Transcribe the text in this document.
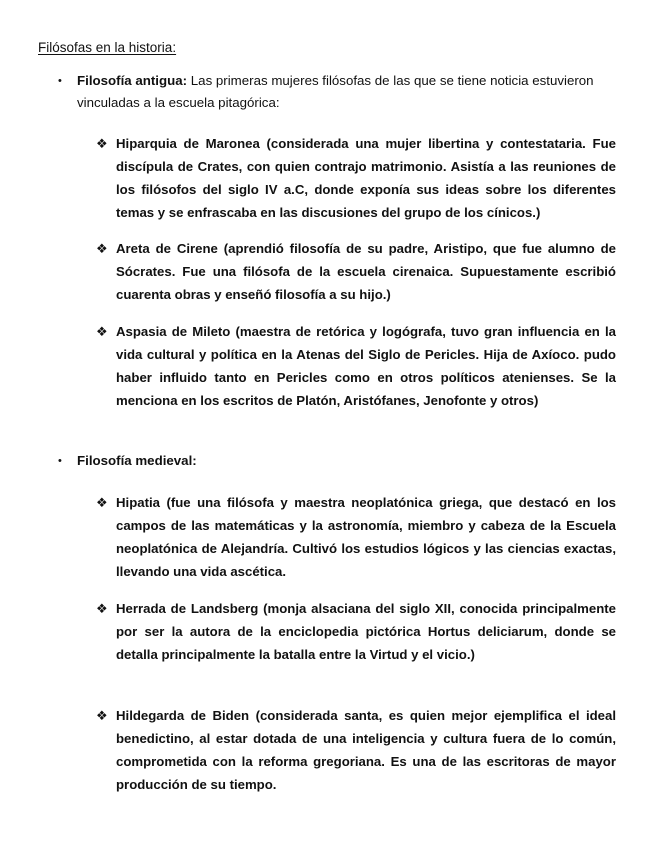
Filósofas en la historia:
• Filosofía antigua: Las primeras mujeres filósofas de las que se tiene noticia estuvieron vinculadas a la escuela pitagórica:
❖ Hiparquia de Maronea (considerada una mujer libertina y contestataria. Fue discípula de Crates, con quien contrajo matrimonio. Asistía a las reuniones de los filósofos del siglo IV a.C, donde exponía sus ideas sobre los diferentes temas y se enfrascaba en las discusiones del grupo de los cínicos.)
❖ Areta de Cirene (aprendió filosofía de su padre, Aristipo, que fue alumno de Sócrates. Fue una filósofa de la escuela cirenaica. Supuestamente escribió cuarenta obras y enseñó filosofía a su hijo.)
❖ Aspasia de Mileto (maestra de retórica y logógrafa, tuvo gran influencia en la vida cultural y política en la Atenas del Siglo de Pericles. Hija de Axíoco. pudo haber influido tanto en Pericles como en otros políticos atenienses. Se la menciona en los escritos de Platón, Aristófanes, Jenofonte y otros)
• Filosofía medieval:
❖ Hipatia (fue una filósofa y maestra neoplatónica griega, que destacó en los campos de las matemáticas y la astronomía, miembro y cabeza de la Escuela neoplatónica de Alejandría. Cultivó los estudios lógicos y las ciencias exactas, llevando una vida ascética.
❖ Herrada de Landsberg (monja alsaciana del siglo XII, conocida principalmente por ser la autora de la enciclopedia pictórica Hortus deliciarum, donde se detalla principalmente la batalla entre la Virtud y el vicio.)
❖ Hildegarda de Biden (considerada santa, es quien mejor ejemplifica el ideal benedictino, al estar dotada de una inteligencia y cultura fuera de lo común, comprometida con la reforma gregoriana. Es una de las escritoras de mayor producción de su tiempo.
